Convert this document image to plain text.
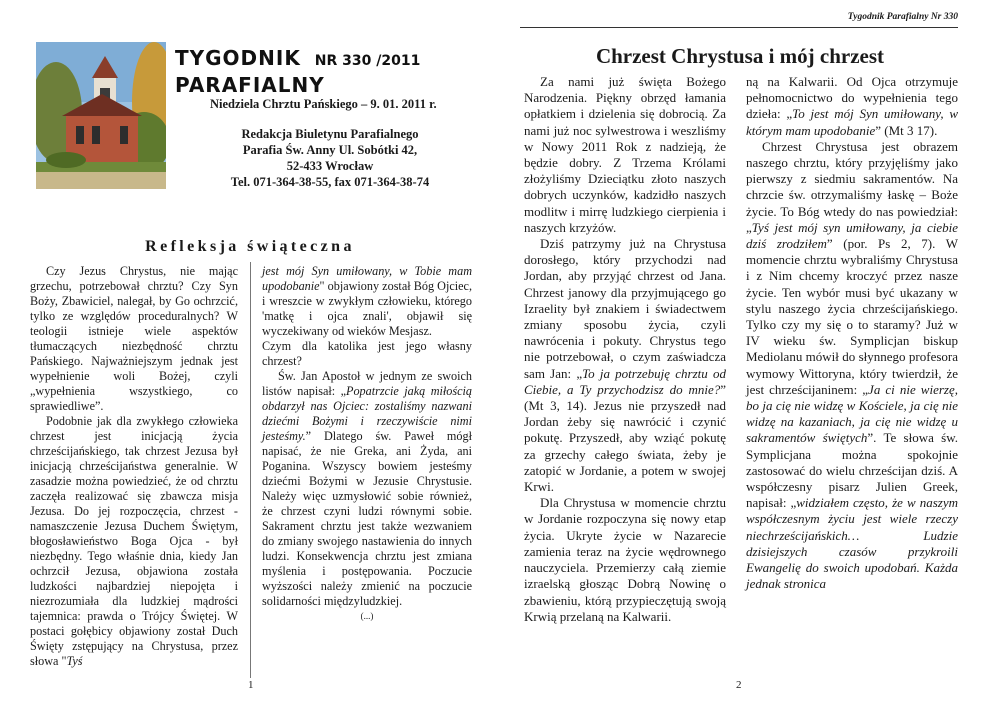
TYGODNIK NR 330 /2011
PARAFIALNY
Niedziela Chrztu Pańskiego – 9. 01. 2011 r.
Redakcja Biuletynu Parafialnego
Parafia Św. Anny Ul. Sobótki 42,
52-433 Wrocław
Tel. 071-364-38-55, fax 071-364-38-74
Refleksja świąteczna

Czy Jezus Chrystus, nie mając grzechu, potrzebował chrztu? Czy Syn Boży, Zbawiciel, nalegał, by Go ochrzcić, tylko ze względów proceduralnych? W teologii istnieje wiele aspektów tłumaczących niezbędność chrztu Pańskiego. Najważniejszym jednak jest wypełnienie woli Bożej, czyli „wypełnienia wszystkiego, co sprawiedliwe”.

Podobnie jak dla zwykłego człowieka chrzest jest inicjacją życia chrześcijańskiego, tak chrzest Jezusa był inicjacją chrześcijaństwa generalnie. W zasadzie można powiedzieć, że od chrztu zaczęła realizować się zbawcza misja Jezusa. Do jej rozpoczęcia, chrzest - namaszczenie Jezusa Duchem Świętym, błogosławieństwo Boga Ojca - był niezbędny. Tego właśnie dnia, kiedy Jan ochrzcił Jezusa, objawiona została ludzkości najbardziej niepojęta i niezrozumiała dla ludzkiej mądrości tajemnica: prawda o Trójcy Świętej. W postaci gołębicy objawiony został Duch Święty zstępujący na Chrystusa, przez słowa "Tyś

jest mój Syn umiłowany, w Tobie mam upodobanie" objawiony został Bóg Ojciec, i wreszcie w zwykłym człowieku, którego 'matkę i ojca znali', objawił się wyczekiwany od wieków Mesjasz.

Czym dla katolika jest jego własny chrzest?

Św. Jan Apostoł w jednym ze swoich listów napisał: „Popatrzcie jaką miłością obdarzył nas Ojciec: zostaliśmy nazwani dziećmi Bożymi i rzeczywiście nimi jesteśmy.” Dlatego św. Paweł mógł napisać, że nie Greka, ani Żyda, ani Poganina. Wszyscy bowiem jesteśmy dziećmi Bożymi w Jezusie Chrystusie. Należy więc uzmysłowić sobie również, że chrzest czyni ludzi równymi sobie. Sakrament chrztu jest także wezwaniem do zmiany swojego nastawienia do innych ludzi. Konsekwencja chrztu jest zmiana myślenia i postępowania. Poczucie wyższości należy zmienić na poczucie solidarności międzyludzkiej.

(...)

1
Tygodnik Parafialny Nr 330
Chrzest Chrystusa i mój chrzest

Za nami już święta Bożego Narodzenia. Piękny obrzęd łamania opłatkiem i dzielenia się dobrocią. Za nami już noc sylwestrowa i weszliśmy w Nowy 2011 Rok z nadzieją, że będzie dobry. Z Trzema Królami złożyliśmy Dzieciątku złoto naszych dobrych uczynków, kadzidło naszych modlitw i mirrę ludzkiego cierpienia i naszych krzyżów.

Dziś patrzymy już na Chrystusa dorosłego, który przychodzi nad Jordan, aby przyjąć chrzest od Jana. Chrzest janowy dla przyjmującego go Izraelity był znakiem i świadectwem zmiany sposobu życia, czyli nawrócenia i pokuty. Chrystus tego nie potrzebował, o czym zaświadcza sam Jan: „To ja potrzebuję chrztu od Ciebie, a Ty przychodzisz do mnie?” (Mt 3, 14). Jezus nie przyszedł nad Jordan żeby się nawrócić i czynić pokutę. Przyszedł, aby wziąć pokutę za grzechy całego świata, żeby je zatopić w Jordanie, a potem w swojej Krwi.

Dla Chrystusa w momencie chrztu w Jordanie rozpoczyna się nowy etap życia. Ukryte życie w Nazarecie zamienia teraz na życie wędrownego nauczyciela. Przemierzy całą ziemie izraelską głosząc Dobrą Nowinę o zbawieniu, którą przypieczętują swoją Krwią przelaną na Kalwarii.

ną na Kalwarii. Od Ojca otrzymuje pełnomocnictwo do wypełnienia tego dzieła: „To jest mój Syn umiłowany, w którym mam upodobanie” (Mt 3 17).

Chrzest Chrystusa jest obrazem naszego chrztu, który przyjęliśmy jako pierwszy z siedmiu sakramentów. Na chrzcie św. otrzymaliśmy łaskę – Boże życie. To Bóg wtedy do nas powiedział: „Tyś jest mój syn umiłowany, ja ciebie dziś zrodziłem” (por. Ps 2, 7). W momencie chrztu wybraliśmy Chrystusa i z Nim chcemy kroczyć przez nasze życie. Ten wybór musi być ukazany w stylu naszego życia chrześcijańskiego. Tylko czy my się o to staramy? Już w IV wieku św. Symplicjan biskup Mediolanu mówił do słynnego profesora wymowy Wittoryna, który twierdził, że jest chrześcijaninem: „Ja ci nie wierzę, bo ja cię nie widzę w Kościele, ja cię nie widzę na kazaniach, ja cię nie widzę u sakramentów świętych”. Te słowa św. Symplicjana można spokojnie zastosować do wielu chrześcijan dziś. A współczesny pisarz Julien Greek, napisał: „widziałem często, że w naszym współczesnym życiu jest wiele rzeczy niechrześcijańskich… Ludzie dzisiejszych czasów przykroili Ewangelię do swoich upodobań. Każda jednak stronica

2
